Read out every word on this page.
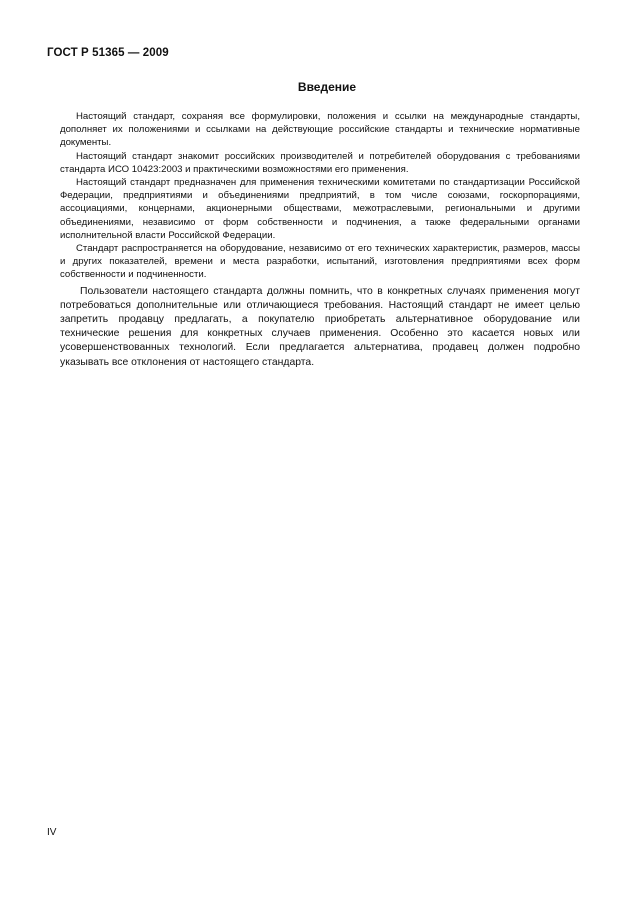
ГОСТ Р 51365 — 2009
Введение

Настоящий стандарт, сохраняя все формулировки, положения и ссылки на международные стандарты, дополняет их положениями и ссылками на действующие российские стандарты и технические нормативные документы.

Настоящий стандарт знакомит российских производителей и потребителей оборудования с требованиями стандарта ИСО 10423:2003 и практическими возможностями его применения.

Настоящий стандарт предназначен для применения техническими комитетами по стандартизации Российской Федерации, предприятиями и объединениями предприятий, в том числе союзами, госкорпорациями, ассоциациями, концернами, акционерными обществами, межотраслевыми, региональными и другими объединениями, независимо от форм собственности и подчинения, а также федеральными органами исполнительной власти Российской Федерации.

Стандарт распространяется на оборудование, независимо от его технических характеристик, размеров, массы и других показателей, времени и места разработки, испытаний, изготовления предприятиями всех форм собственности и подчиненности.

Пользователи настоящего стандарта должны помнить, что в конкретных случаях применения могут потребоваться дополнительные или отличающиеся требования. Настоящий стандарт не имеет целью запретить продавцу предлагать, а покупателю приобретать альтернативное оборудование или технические решения для конкретных случаев применения. Особенно это касается новых или усовершенствованных технологий. Если предлагается альтернатива, продавец должен подробно указывать все отклонения от настоящего стандарта.

IV
